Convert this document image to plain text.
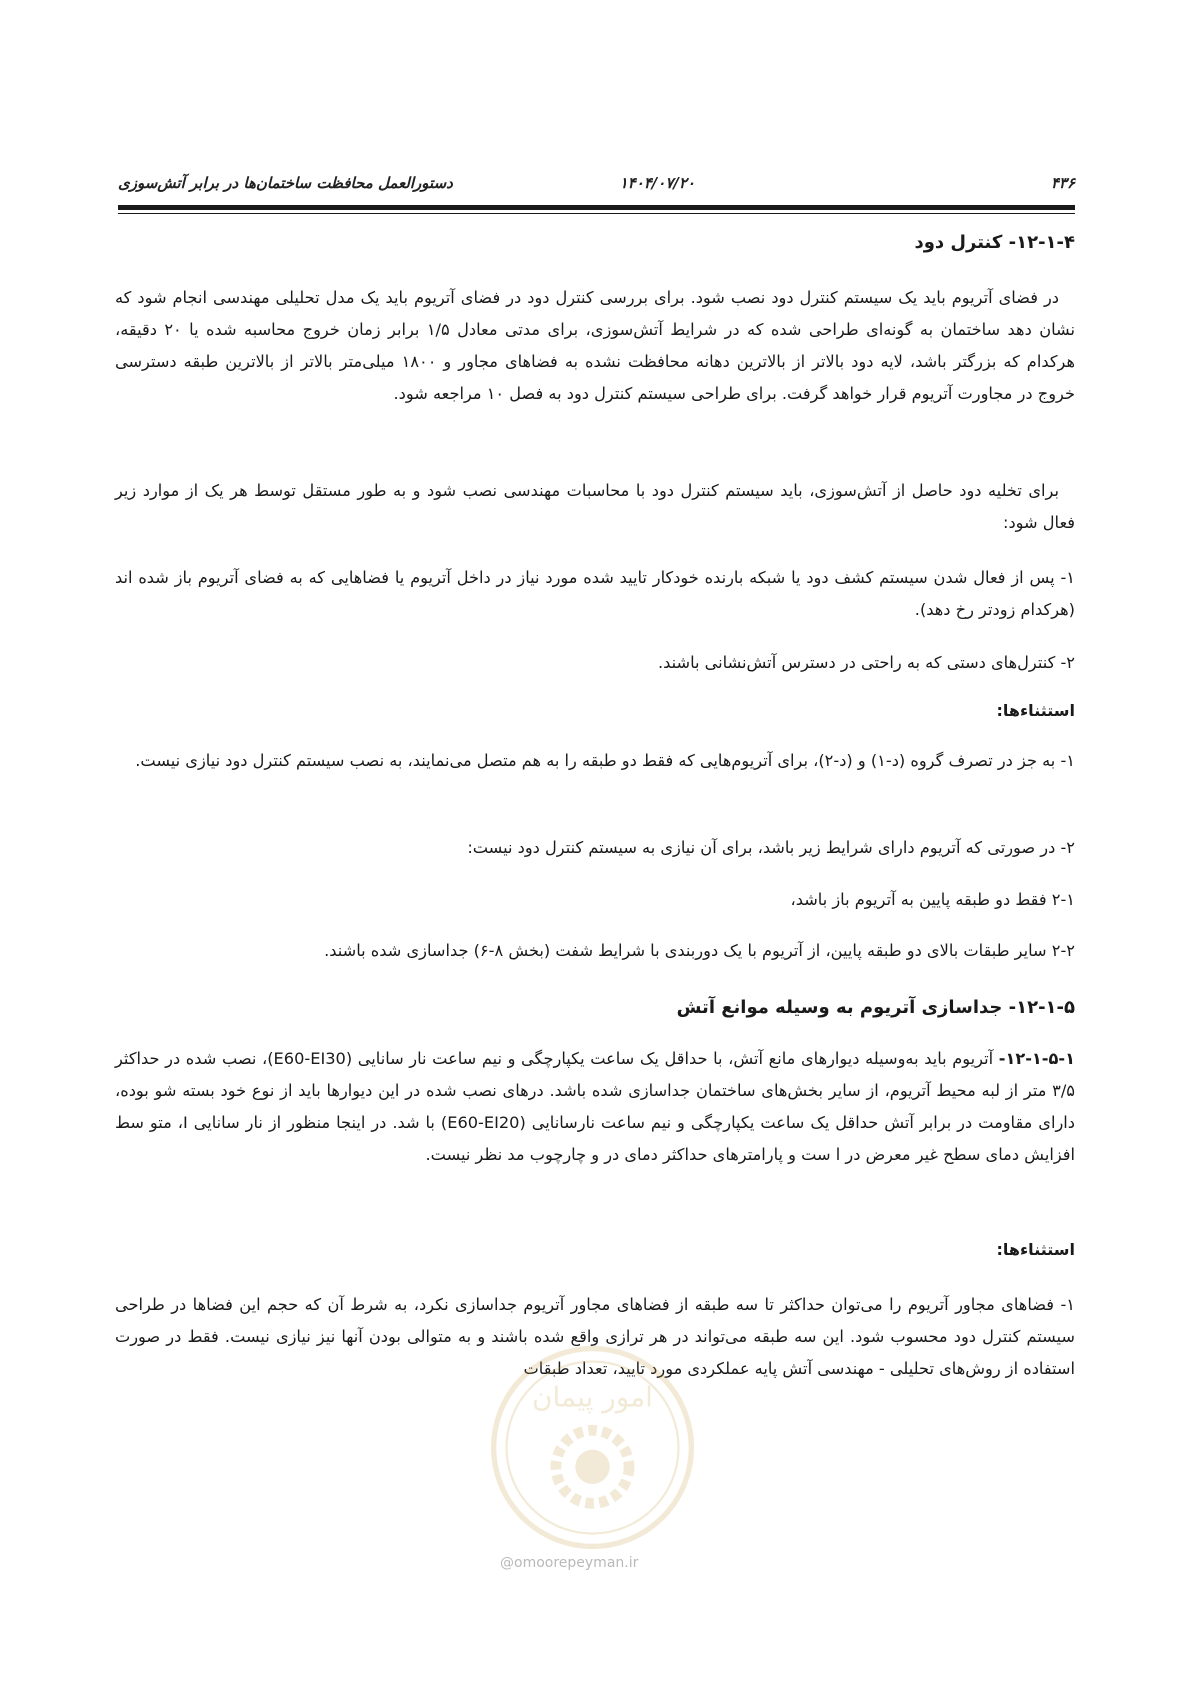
۴۳۶
۱۴۰۴/۰۷/۲۰
دستورالعمل محافظت ساختمان‌ها در برابر آتش‌سوزی
۱۲-۱-۴- کنترل دود
در فضای آتریوم باید یک سیستم کنترل دود نصب شود. برای بررسی کنترل دود در فضای آتریوم باید یک مدل تحلیلی مهندسی انجام شود که نشان دهد ساختمان به گونه‌ای طراحی شده که در شرایط آتش‌سوزی، برای مدتی معادل ۱/۵ برابر زمان خروج محاسبه شده یا ۲۰ دقیقه، هرکدام که بزرگتر باشد، لایه دود بالاتر از بالاترین دهانه محافظت نشده به فضاهای مجاور و ۱۸۰۰ میلی‌متر بالاتر از بالاترین طبقه دسترسی خروج در مجاورت آتریوم قرار خواهد گرفت. برای طراحی سیستم کنترل دود به فصل ۱۰ مراجعه شود.
برای تخلیه دود حاصل از آتش‌سوزی، باید سیستم کنترل دود با محاسبات مهندسی نصب شود و به طور مستقل توسط هر یک از موارد زیر فعال شود:
۱- پس از فعال شدن سیستم کشف دود یا شبکه بارنده خودکار تایید شده مورد نیاز در داخل آتریوم یا فضاهایی که به فضای آتریوم باز شده اند (هرکدام زودتر رخ دهد).
۲- کنترل‌های دستی که به راحتی در دسترس آتش‌نشانی باشند.
استثناءها:
۱- به جز در تصرف گروه (د-۱) و (د-۲)، برای آتریوم‌هایی که فقط دو طبقه را به هم متصل می‌نمایند، به نصب سیستم کنترل دود نیازی نیست.
۲- در صورتی که آتریوم دارای شرایط زیر باشد، برای آن نیازی به سیستم کنترل دود نیست:
۲-۱ فقط دو طبقه پایین به آتریوم باز باشد،
۲-۲ سایر طبقات بالای دو طبقه پایین، از آتریوم با یک دوربندی با شرایط شفت (بخش ۸-۶) جداسازی شده باشند.
۱۲-۱-۵- جداسازی آتریوم به وسیله موانع آتش
۱۲-۱-۵-۱- آتریوم باید به‌وسیله دیوارهای مانع آتش، با حداقل یک ساعت یکپارچگی و نیم ساعت نار سانایی (E60-EI30)، نصب شده در حداکثر ۳/۵ متر از لبه محیط آتریوم، از سایر بخش‌های ساختمان جداسازی شده باشد. درهای نصب شده در این دیوارها باید از نوع خود بسته شو بوده، دارای مقاومت در برابر آتش حداقل یک ساعت یکپارچگی و نیم ساعت نارسانایی (E60-EI20) با شد. در اینجا منظور از نار سانایی I، متو سط افزایش دمای سطح غیر معرض در ا ست و پارامترهای حداکثر دمای در و چارچوب مد نظر نیست.
استثناءها:
۱- فضاهای مجاور آتریوم را می‌توان حداکثر تا سه طبقه از فضاهای مجاور آتریوم جداسازی نکرد، به شرط آن که حجم این فضاها در طراحی سیستم کنترل دود محسوب شود. این سه طبقه می‌تواند در هر ترازی واقع شده باشند و به متوالی بودن آنها نیز نیازی نیست. فقط در صورت استفاده از روش‌های تحلیلی - مهندسی آتش پایه عملکردی مورد تایید، تعداد طبقات
امور پیمان
@omoorepeyman.ir
